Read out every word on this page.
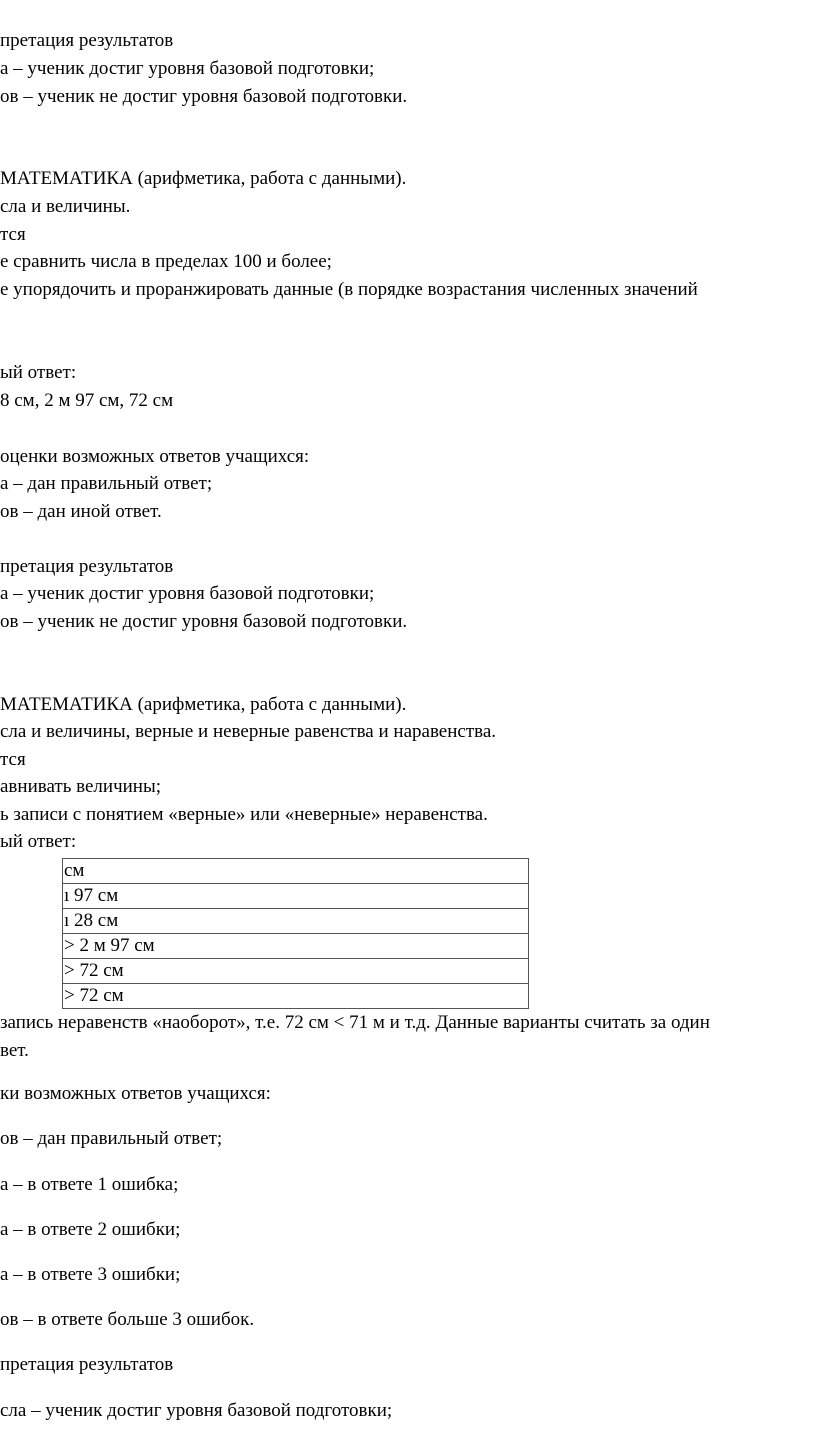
претация результатов
а – ученик достиг уровня базовой подготовки;
ов – ученик не достиг уровня базовой подготовки.
МАТЕМАТИКА (арифметика, работа с данными).
сла и величины.
тся
е сравнить числа в пределах 100 и более;
е упорядочить и проранжировать данные (в порядке возрастания численных значений
ый ответ:
8 см, 2 м 97 см, 72 см
оценки возможных ответов учащихся:
а – дан правильный ответ;
ов – дан иной ответ.
претация результатов
а – ученик достиг уровня базовой подготовки;
ов – ученик не достиг уровня базовой подготовки.
МАТЕМАТИКА (арифметика, работа с данными).
сла и величины, верные и неверные равенства и наравенства.
тся
авнивать величины;
ь записи с понятием «верные» или «неверные» неравенства.
ый ответ:
см
ı 97 см
ı 28 см
> 2 м 97 см
> 72 см
> 72 см
запись неравенств «наоборот», т.е. 72 см < 71 м и т.д. Данные варианты считать за один
вет.
ки возможных ответов учащихся:
ов – дан правильный ответ;
а – в ответе 1 ошибка;
а – в ответе 2 ошибки;
а – в ответе 3 ошибки;
ов – в ответе больше 3 ошибок.
претация результатов
сла – ученик достиг уровня базовой подготовки;
